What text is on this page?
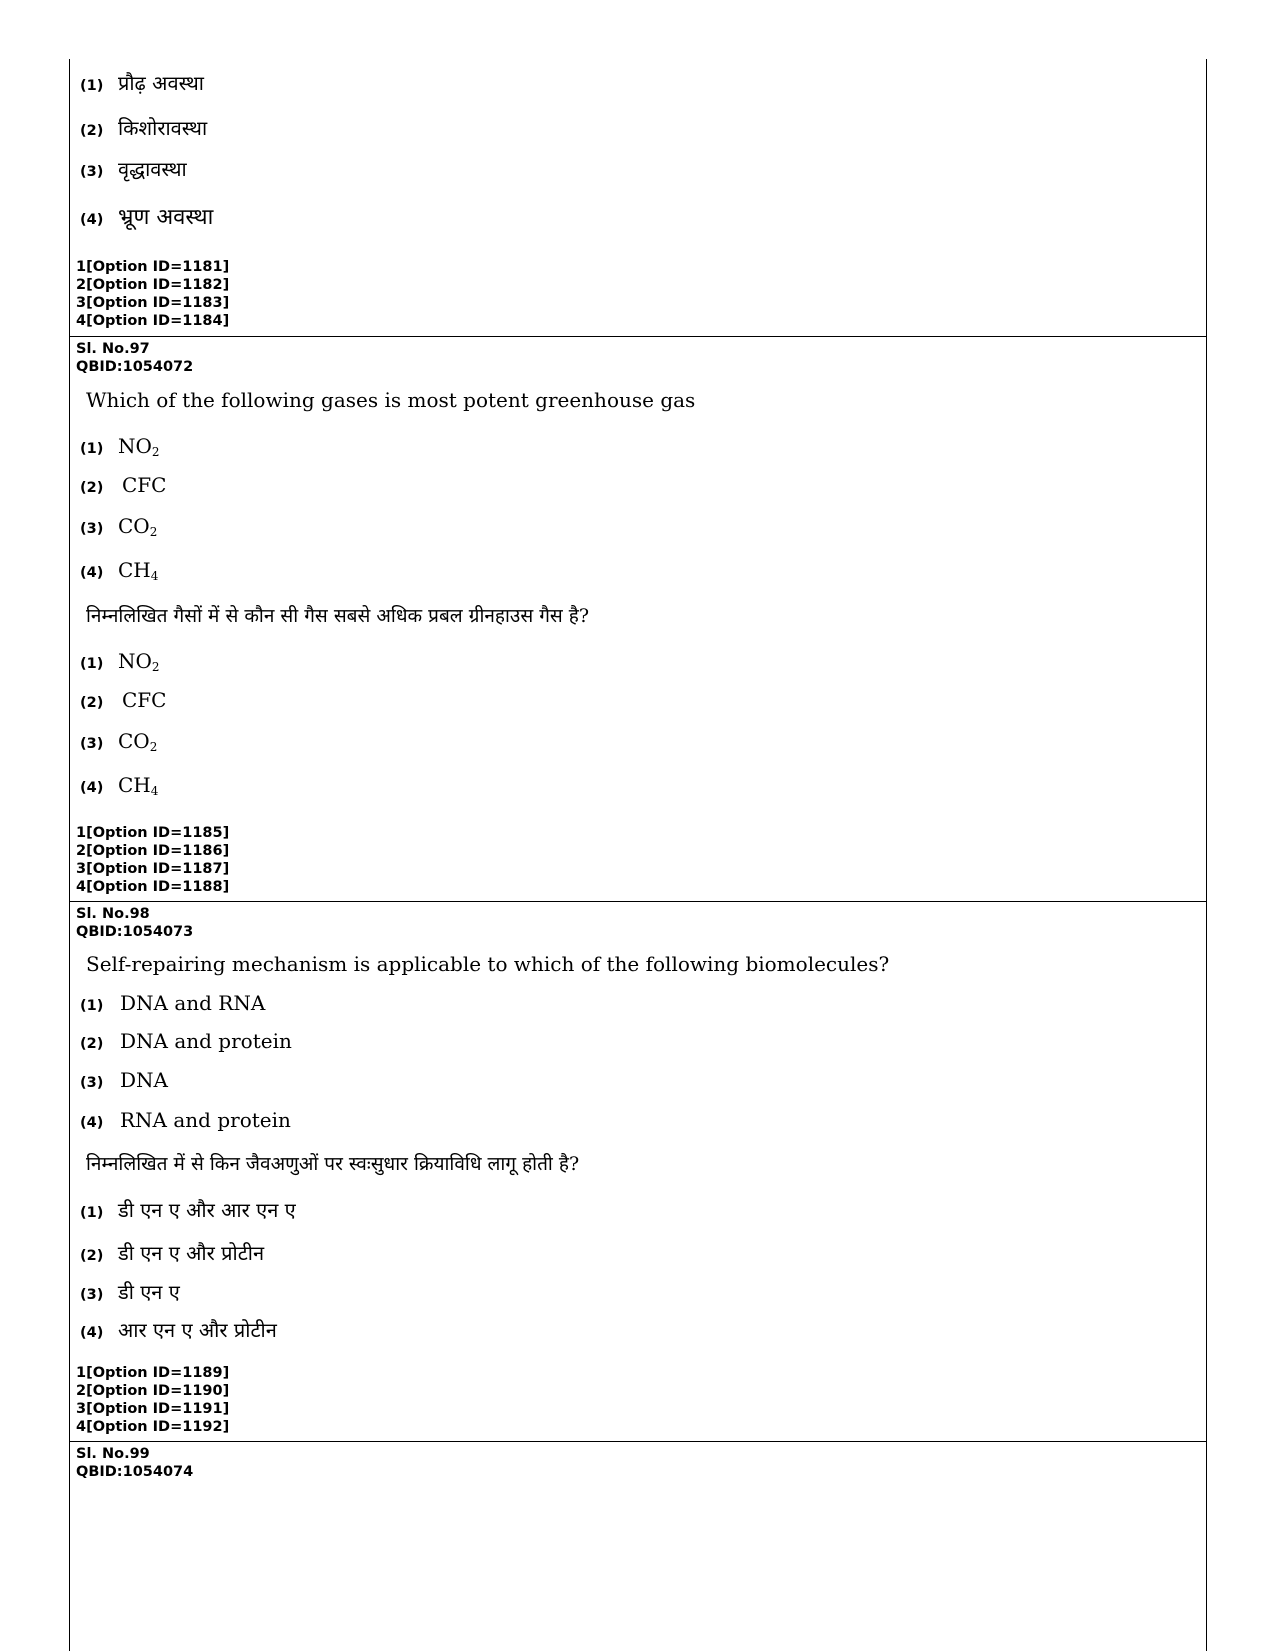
(1) प्रौढ़ अवस्था
(2) किशोरावस्था
(3) वृद्धावस्था
(4) भ्रूण अवस्था
1[Option ID=1181]
2[Option ID=1182]
3[Option ID=1183]
4[Option ID=1184]
Sl. No.97
QBID:1054072
Which of the following gases is most potent greenhouse gas
(1) $NO_2$
(2) CFC
(3) $CO_2$
(4) $CH_4$
निम्नलिखित गैसों में से कौन सी गैस सबसे अधिक प्रबल ग्रीनहाउस गैस है?
(1) $NO_2$
(2) CFC
(3) $CO_2$
(4) $CH_4$
1[Option ID=1185]
2[Option ID=1186]
3[Option ID=1187]
4[Option ID=1188]
Sl. No.98
QBID:1054073
Self-repairing mechanism is applicable to which of the following biomolecules?
(1) DNA and RNA
(2) DNA and protein
(3) DNA
(4) RNA and protein
निम्नलिखित में से किन जैवअणुओं पर स्वःसुधार क्रियाविधि लागू होती है?
(1) डी एन ए और आर एन ए
(2) डी एन ए और प्रोटीन
(3) डी एन ए
(4) आर एन ए और प्रोटीन
1[Option ID=1189]
2[Option ID=1190]
3[Option ID=1191]
4[Option ID=1192]
Sl. No.99
QBID:1054074
